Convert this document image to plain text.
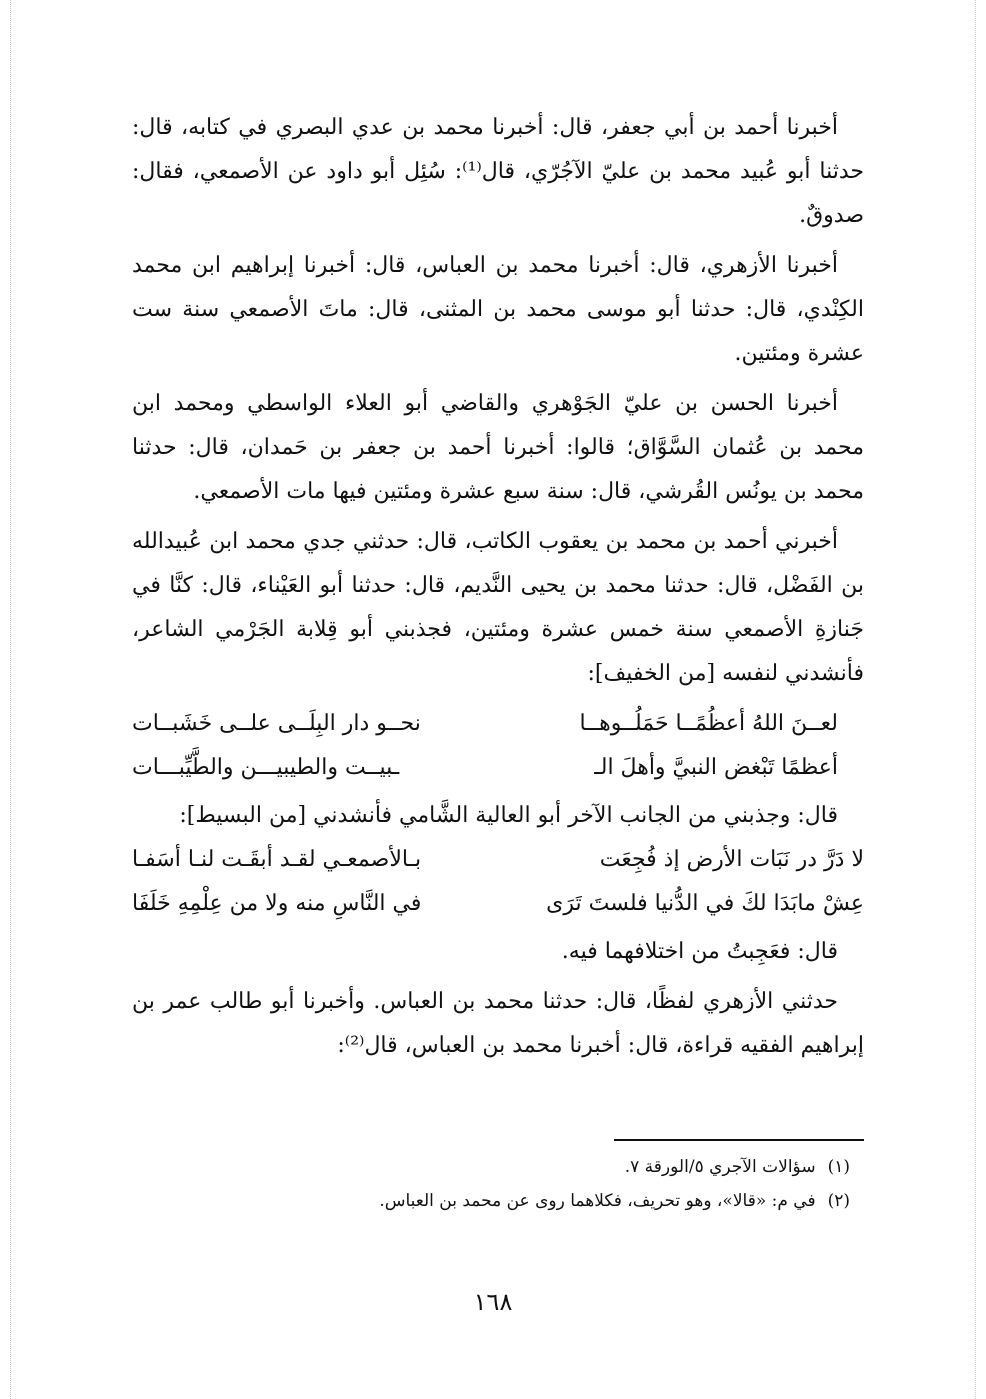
أخبرنا أحمد بن أبي جعفر، قال: أخبرنا محمد بن عدي البصري في كتابه، قال: حدثنا أبو عُبيد محمد بن عليّ الآجُرّي، قال⁽¹⁾: سُئِل أبو داود عن الأصمعي، فقال: صدوقٌ.

أخبرنا الأزهري، قال: أخبرنا محمد بن العباس، قال: أخبرنا إبراهيم ابن محمد الكِنْدي، قال: حدثنا أبو موسى محمد بن المثنى، قال: ماتَ الأصمعي سنة ست عشرة ومئتين.

أخبرنا الحسن بن عليّ الجَوْهري والقاضي أبو العلاء الواسطي ومحمد ابن محمد بن عُثمان السَّوَّاق؛ قالوا: أخبرنا أحمد بن جعفر بن حَمدان، قال: حدثنا محمد بن يونُس القُرشي، قال: سنة سبع عشرة ومئتين فيها مات الأصمعي.

أخبرني أحمد بن محمد بن يعقوب الكاتب، قال: حدثني جدي محمد ابن عُبيدالله بن الفَضْل، قال: حدثنا محمد بن يحيى النَّديم، قال: حدثنا أبو العَيْناء، قال: كنَّا في جَنازةِ الأصمعي سنة خمس عشرة ومئتين، فجذبني أبو قِلابة الجَرْمي الشاعر، فأنشدني لنفسه [من الخفيف]:

لعــنَ اللهُ أعظُمًــا حَمَلُــوهــا
نحــو دار البِلَــى علــى خَشَبــات
أعظمًا تَبْغض النبيَّ وأهلَ الـ
ـبيــت والطيبيـــن والطَّيِّبـــات

قال: وجذبني من الجانب الآخر أبو العالية الشَّامي فأنشدني [من البسيط]:

لا دَرَّ در نَبَات الأرض إذ فُجِعَت
بـالأصمعـي لقـد أبقَـت لنـا أسَفـا
عِشْ مابَدَا لكَ في الدُّنيا فلستَ تَرَى
في النَّاسِ منه ولا من عِلْمِهِ خَلَفَا

قال: فعَجِبتُ من اختلافهما فيه.

حدثني الأزهري لفظًا، قال: حدثنا محمد بن العباس. وأخبرنا أبو طالب عمر بن إبراهيم الفقيه قراءة، قال: أخبرنا محمد بن العباس، قال⁽²⁾:

(١)سؤالات الآجري ٥/الورقة ٧.

(٢)في م: «قالا»، وهو تحريف، فكلاهما روى عن محمد بن العباس.

١٦٨
